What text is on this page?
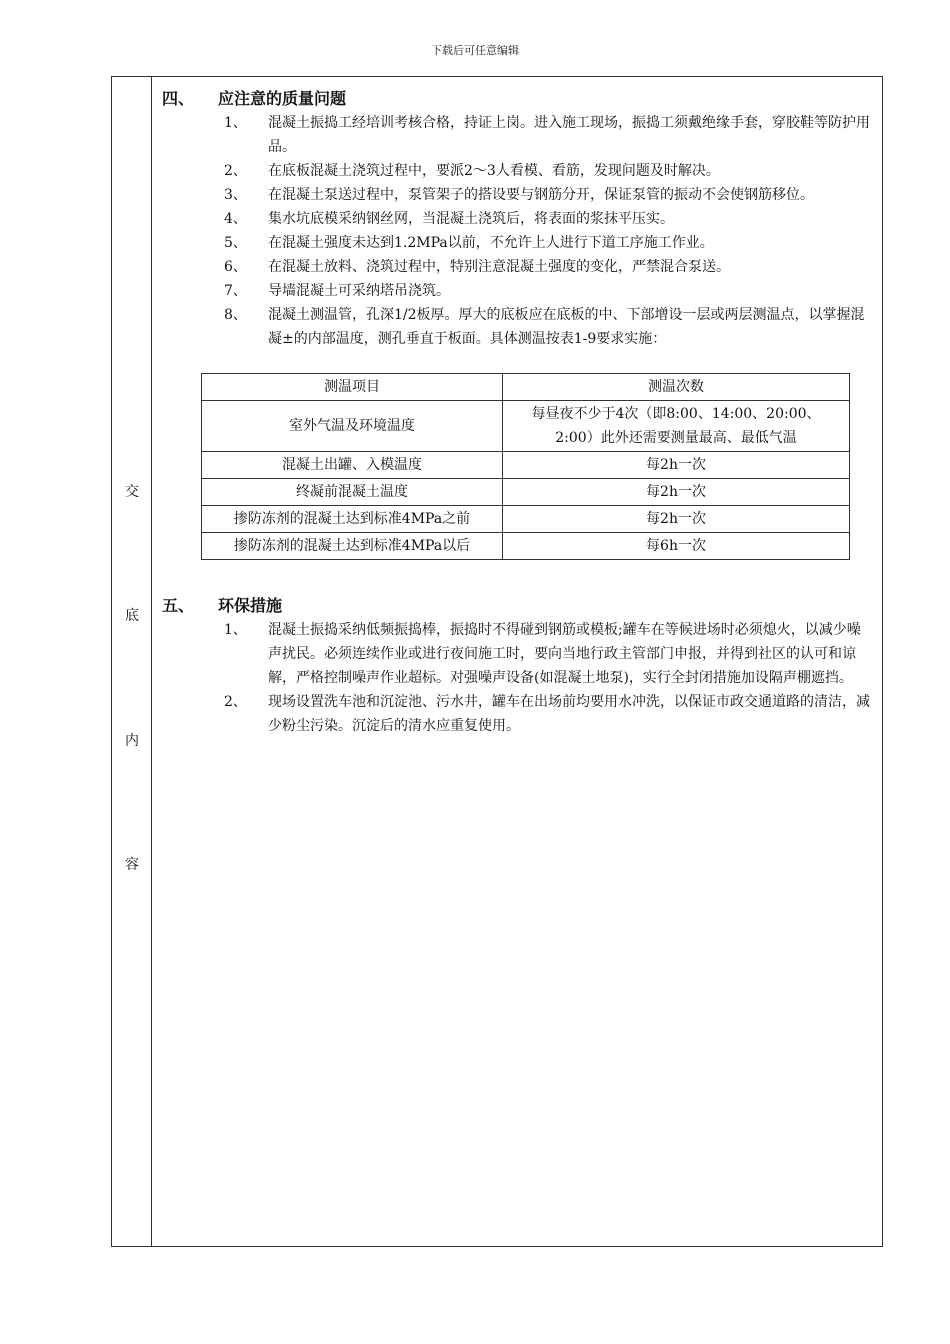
下载后可任意编辑
交
底
内
容
四、 应注意的质量问题
1、 混凝土振捣工经培训考核合格，持证上岗。进入施工现场，振捣工须戴绝缘手套，穿胶鞋等防护用品。
2、 在底板混凝土浇筑过程中，要派2～3人看模、看筋，发现问题及时解决。
3、 在混凝土泵送过程中，泵管架子的搭设要与钢筋分开，保证泵管的振动不会使钢筋移位。
4、 集水坑底模采纳钢丝网，当混凝土浇筑后，将表面的浆抹平压实。
5、 在混凝土强度未达到1.2MPa以前，不允许上人进行下道工序施工作业。
6、 在混凝土放料、浇筑过程中，特别注意混凝土强度的变化，严禁混合泵送。
7、 导墙混凝土可采纳塔吊浇筑。
8、 混凝土测温管，孔深1/2板厚。厚大的底板应在底板的中、下部增设一层或两层测温点，以掌握混凝±的内部温度，测孔垂直于板面。具体测温按表1-9要求实施：
测温项目	测温次数
室外气温及环境温度	每昼夜不少于4次（即8:00、14:00、20:00、2:00）此外还需要测量最高、最低气温
混凝土出罐、入模温度	每2h一次
终凝前混凝土温度	每2h一次
掺防冻剂的混凝土达到标准4MPa之前	每2h一次
掺防冻剂的混凝土达到标准4MPa以后	每6h一次
五、 环保措施
1、 混凝土振捣采纳低频振捣棒，振捣时不得碰到钢筋或模板;罐车在等候进场时必须熄火，以减少噪声扰民。必须连续作业或进行夜间施工时，要向当地行政主管部门申报，并得到社区的认可和谅解，严格控制噪声作业超标。对强噪声设备(如混凝土地泵)，实行全封闭措施加设隔声棚遮挡。
2、 现场设置洗车池和沉淀池、污水井，罐车在出场前均要用水冲洗，以保证市政交通道路的清洁，减少粉尘污染。沉淀后的清水应重复使用。
